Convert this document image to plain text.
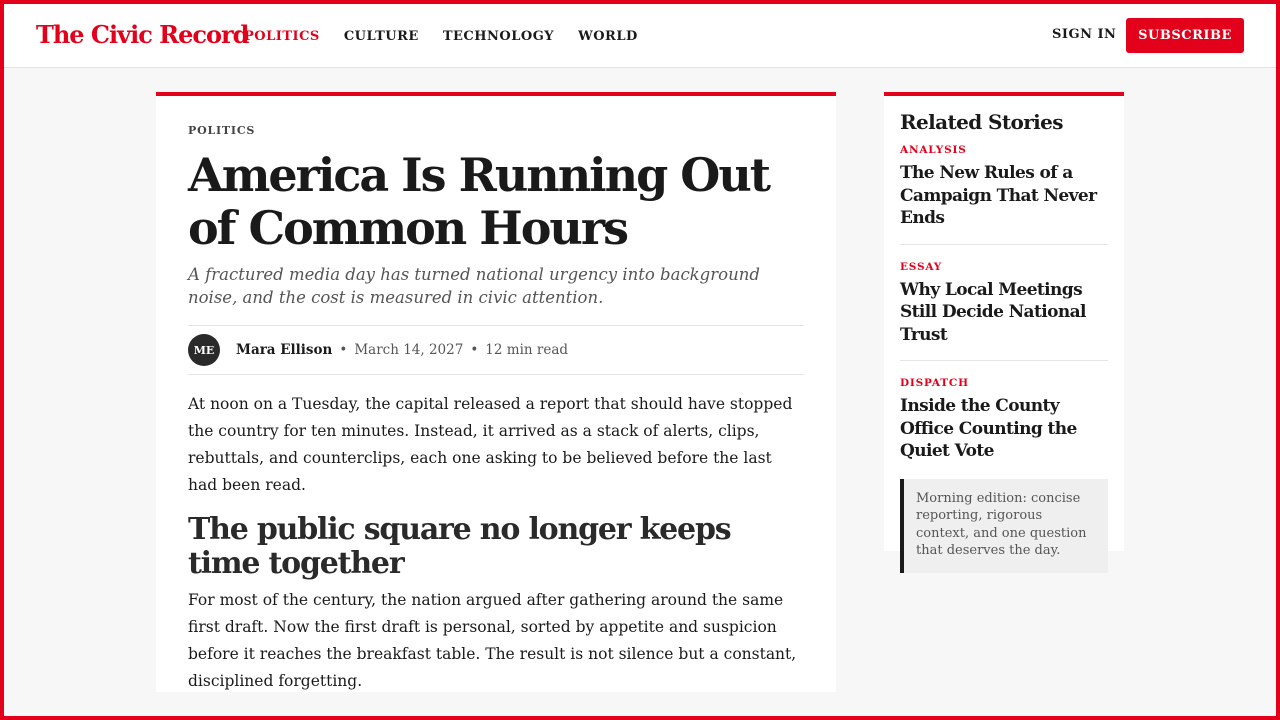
The Civic Record
POLITICS CULTURE TECHNOLOGY WORLD	SIGN IN	SUBSCRIBE
POLITICS
America Is Running Out of Common Hours

A fractured media day has turned national urgency into background noise, and the cost is measured in civic attention.

ME	Mara Ellison • March 14, 2027 • 12 min read

At noon on a Tuesday, the capital released a report that should have stopped the country for ten minutes. Instead, it arrived as a stack of alerts, clips, rebuttals, and counterclips, each one asking to be believed before the last had been read.

The public square no longer keeps time together

For most of the century, the nation argued after gathering around the same first draft. Now the first draft is personal, sorted by appetite and suspicion before it reaches the breakfast table. The result is not silence but a constant, disciplined forgetting.

Related Stories
ANALYSIS
The New Rules of a Campaign That Never Ends
ESSAY
Why Local Meetings Still Decide National Trust
DISPATCH
Inside the County Office Counting the Quiet Vote
Morning edition: concise reporting, rigorous context, and one question that deserves the day.
